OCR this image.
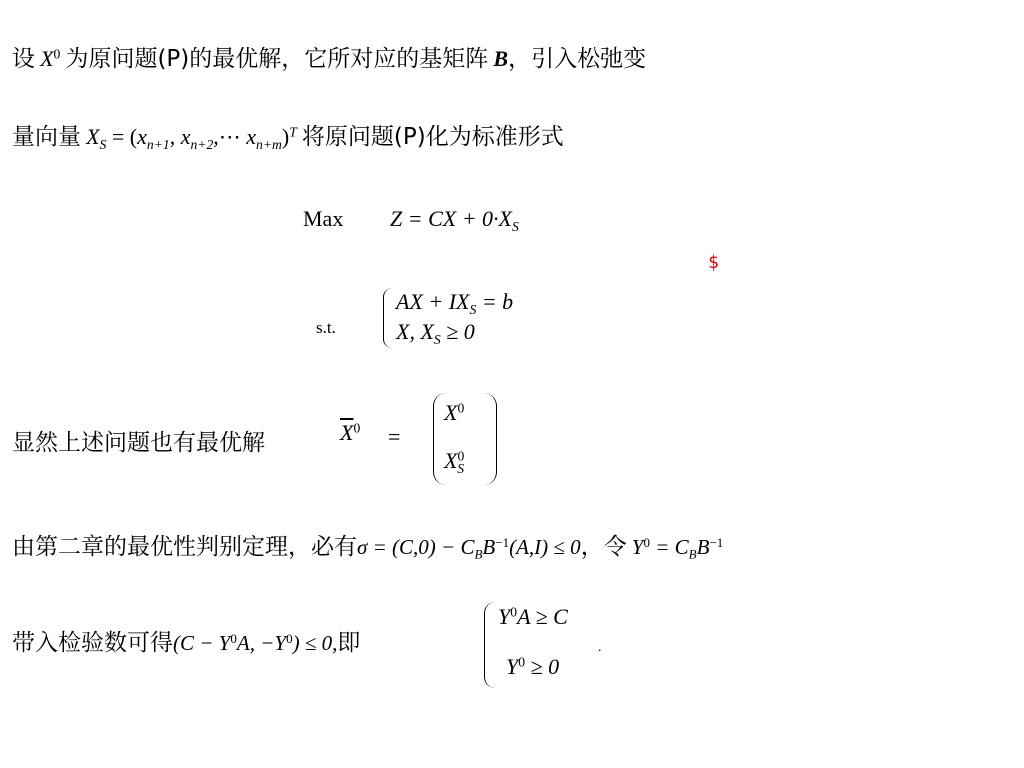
设 $X^0$ 为原问题(P)的最优解，它所对应的基矩阵 B，引入松弛变
量向量 $X_S = (x_{n+1}$, $x_{n+2},\cdots$ $x_{n+m})^T$ 将原问题(P)化为标准形式
Max Z = CX + $0\cdot X_S$
$
s.t.
AX + $IX_S = b$
X, $X_S \ge 0$
显然上述问题也有最优解	$\overline{X}^0$ =
$X^0$
$X^0_S$
由第二章的最优性判别定理，必有$\sigma = (C,0) - C_BB^{-1}(A,I) \le 0$，令 $Y^0 = C_BB^{-1}$
带入检验数可得($C - Y^0A$, $-Y^0) \le 0$,即
$Y^0A \ge C$
$Y^0 \ge 0$
.
